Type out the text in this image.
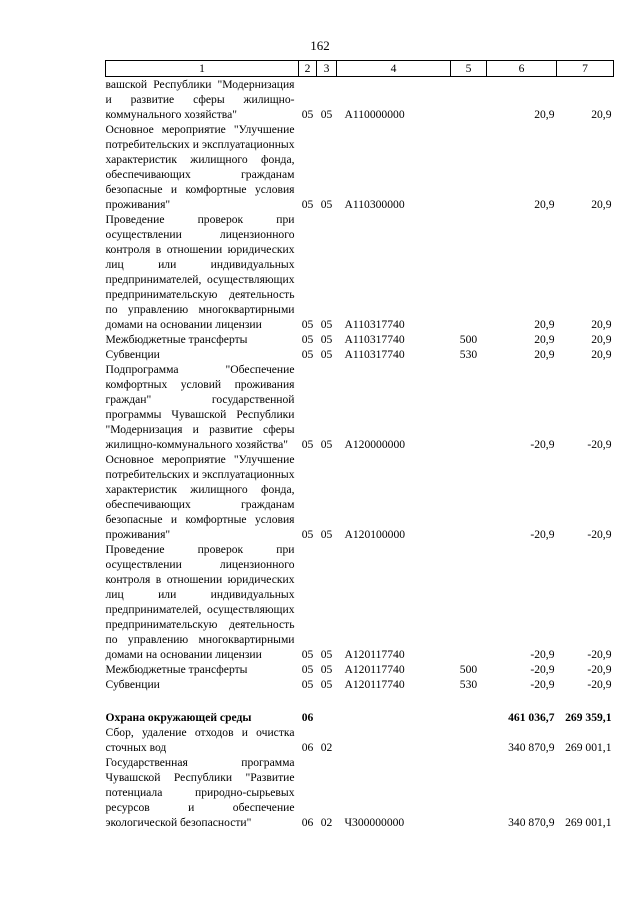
162
1	2	3	4	5	6	7
вашской Республики "Модернизация и развитие сферы жилищно-коммунального хозяйства"	05	05	А110000000		20,9	20,9
Основное мероприятие "Улучшение потребительских и эксплуатационных характеристик жилищного фонда, обеспечивающих гражданам безопасные и комфортные условия проживания"	05	05	А110300000		20,9	20,9
Проведение проверок при осуществлении лицензионного контроля в отношении юридических лиц или индивидуальных предпринимателей, осуществляющих предпринимательскую деятельность по управлению многоквартирными домами на основании лицензии	05	05	А110317740		20,9	20,9
Межбюджетные трансферты	05	05	А110317740	500	20,9	20,9
Субвенции	05	05	А110317740	530	20,9	20,9
Подпрограмма "Обеспечение комфортных условий проживания граждан" государственной программы Чувашской Республики "Модернизация и развитие сферы жилищно-коммунального хозяйства"	05	05	А120000000		-20,9	-20,9
Основное мероприятие "Улучшение потребительских и эксплуатационных характеристик жилищного фонда, обеспечивающих гражданам безопасные и комфортные условия проживания"	05	05	А120100000		-20,9	-20,9
Проведение проверок при осуществлении лицензионного контроля в отношении юридических лиц или индивидуальных предпринимателей, осуществляющих предпринимательскую деятельность по управлению многоквартирными домами на основании лицензии	05	05	А120117740		-20,9	-20,9
Межбюджетные трансферты	05	05	А120117740	500	-20,9	-20,9
Субвенции	05	05	А120117740	530	-20,9	-20,9

Охрана окружающей среды	06				461 036,7	269 359,1
Сбор, удаление отходов и очистка сточных вод	06	02			340 870,9	269 001,1
Государственная программа Чувашской Республики "Развитие потенциала природно-сырьевых ресурсов и обеспечение экологической безопасности"	06	02	Ч300000000		340 870,9	269 001,1
